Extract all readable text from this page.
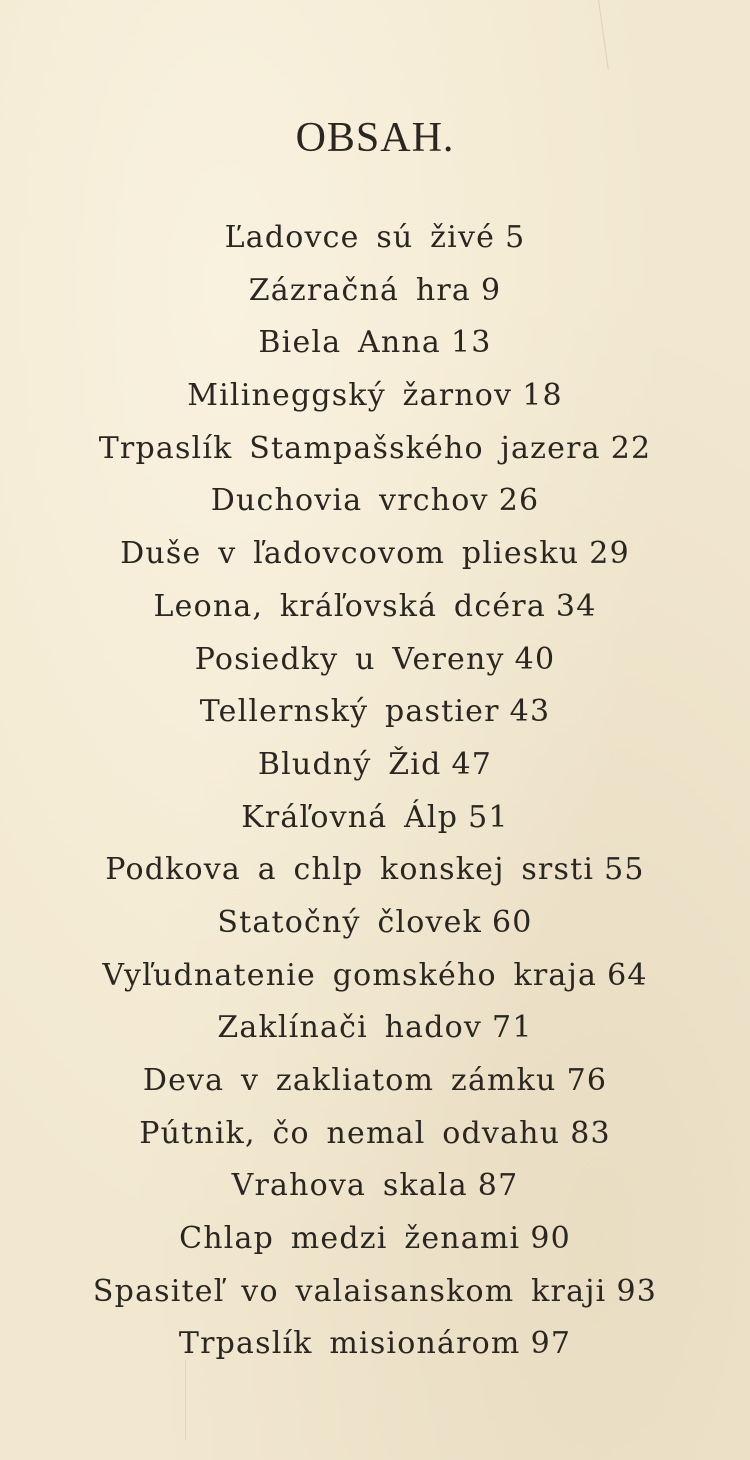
OBSAH.
Ľadovce sú živé 5
Zázračná hra 9
Biela Anna 13
Milineggský žarnov 18
Trpaslík Stampašského jazera 22
Duchovia vrchov 26
Duše v ľadovcovom pliesku 29
Leona, kráľovská dcéra 34
Posiedky u Vereny 40
Tellernský pastier 43
Bludný Žid 47
Kráľovná Álp 51
Podkova a chlp konskej srsti 55
Statočný človek 60
Vyľudnatenie gomského kraja 64
Zaklínači hadov 71
Deva v zakliatom zámku 76
Pútnik, čo nemal odvahu 83
Vrahova skala 87
Chlap medzi ženami 90
Spasiteľ vo valaisanskom kraji 93
Trpaslík misionárom 97
